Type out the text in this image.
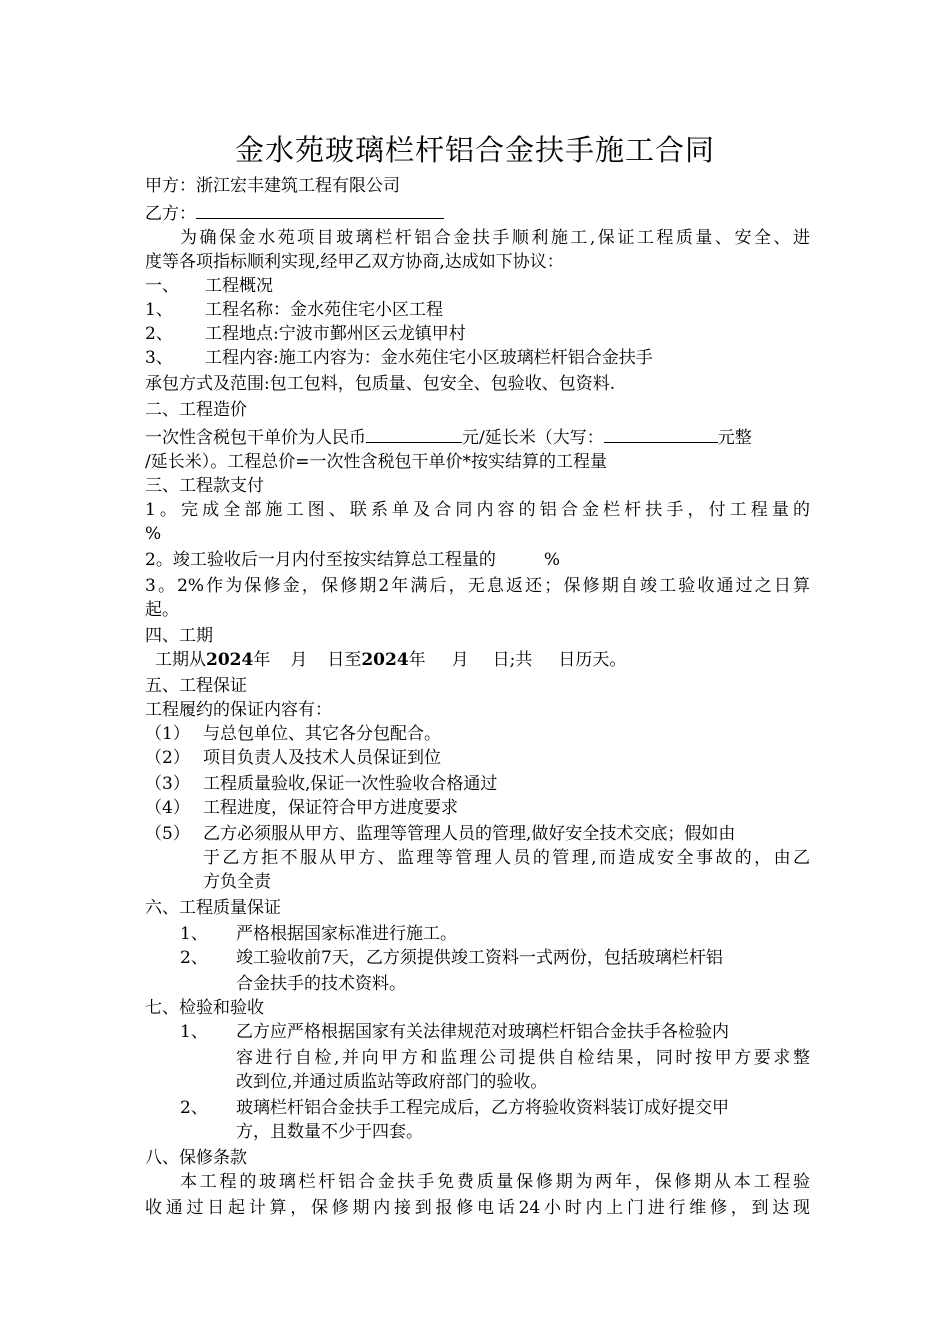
金水苑玻璃栏杆铝合金扶手施工合同

甲方：浙江宏丰建筑工程有限公司

乙方：

为确保金水苑项目玻璃栏杆铝合金扶手顺利施工,保证工程质量、安全、进

度等各项指标顺利实现,经甲乙双方协商,达成如下协议：

一、 工程概况

1、 工程名称：金水苑住宅小区工程

2、 工程地点:宁波市鄞州区云龙镇甲村

3、 工程内容:施工内容为：金水苑住宅小区玻璃栏杆铝合金扶手

承包方式及范围:包工包料，包质量、包安全、包验收、包资料.

二、工程造价

一次性含税包干单价为人民币	元/延长米（大写：	元整

/延长米）。工程总价=一次性含税包干单价*按实结算的工程量

三、工程款支付

1。完成全部施工图、联系单及合同内容的铝合金栏杆扶手，付工程量的

%

2。竣工验收后一月内付至按实结算总工程量的	%

3。2%作为保修金，保修期2年满后，无息返还；保修期自竣工验收通过之日算

起。

四、工期

工期从2024年 月 日至2024年 月 日;共 日历天。

五、工程保证

工程履约的保证内容有：

（1） 与总包单位、其它各分包配合。

（2） 项目负责人及技术人员保证到位

（3） 工程质量验收,保证一次性验收合格通过

（4） 工程进度，保证符合甲方进度要求

（5） 乙方必须服从甲方、监理等管理人员的管理,做好安全技术交底；假如由

于乙方拒不服从甲方、监理等管理人员的管理,而造成安全事故的，由乙

方负全责

六、工程质量保证

1、 严格根据国家标准进行施工。

2、 竣工验收前7天，乙方须提供竣工资料一式两份，包括玻璃栏杆铝

合金扶手的技术资料。

七、检验和验收

1、 乙方应严格根据国家有关法律规范对玻璃栏杆铝合金扶手各检验内

容进行自检,并向甲方和监理公司提供自检结果，同时按甲方要求整

改到位,并通过质监站等政府部门的验收。

2、 玻璃栏杆铝合金扶手工程完成后，乙方将验收资料装订成好提交甲

方，且数量不少于四套。

八、保修条款

本工程的玻璃栏杆铝合金扶手免费质量保修期为两年，保修期从本工程验

收通过日起计算，保修期内接到报修电话24小时内上门进行维修，到达现
